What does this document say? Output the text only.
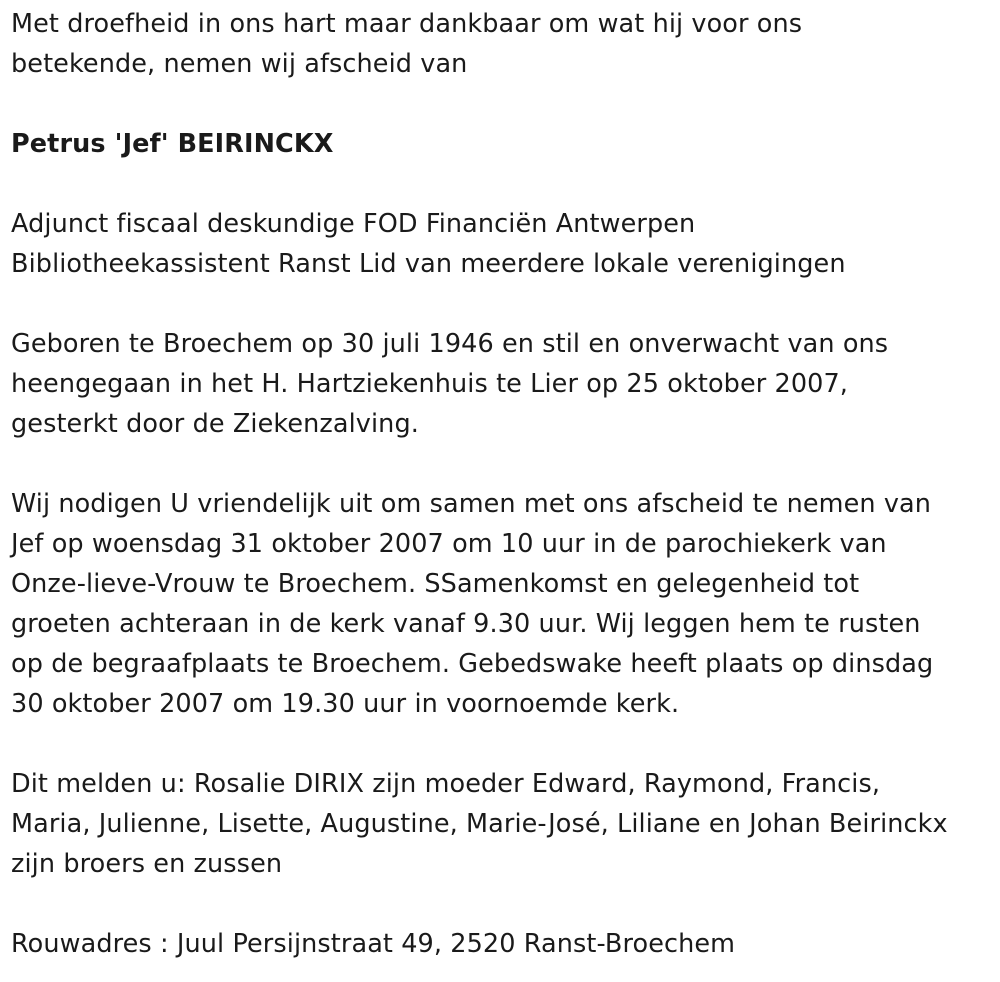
Met droefheid in ons hart maar dankbaar om wat hij voor ons
betekende, nemen wij afscheid van

Petrus 'Jef' BEIRINCKX

Adjunct fiscaal deskundige FOD Financiën Antwerpen
Bibliotheekassistent Ranst Lid van meerdere lokale verenigingen

Geboren te Broechem op 30 juli 1946 en stil en onverwacht van ons
heengegaan in het H. Hartziekenhuis te Lier op 25 oktober 2007,
gesterkt door de Ziekenzalving.

Wij nodigen U vriendelijk uit om samen met ons afscheid te nemen van
Jef op woensdag 31 oktober 2007 om 10 uur in de parochiekerk van
Onze-lieve-Vrouw te Broechem. SSamenkomst en gelegenheid tot
groeten achteraan in de kerk vanaf 9.30 uur. Wij leggen hem te rusten
op de begraafplaats te Broechem. Gebedswake heeft plaats op dinsdag
30 oktober 2007 om 19.30 uur in voornoemde kerk.

Dit melden u: Rosalie DIRIX zijn moeder Edward, Raymond, Francis,
Maria, Julienne, Lisette, Augustine, Marie-José, Liliane en Johan Beirinckx
zijn broers en zussen

Rouwadres : Juul Persijnstraat 49, 2520 Ranst-Broechem
